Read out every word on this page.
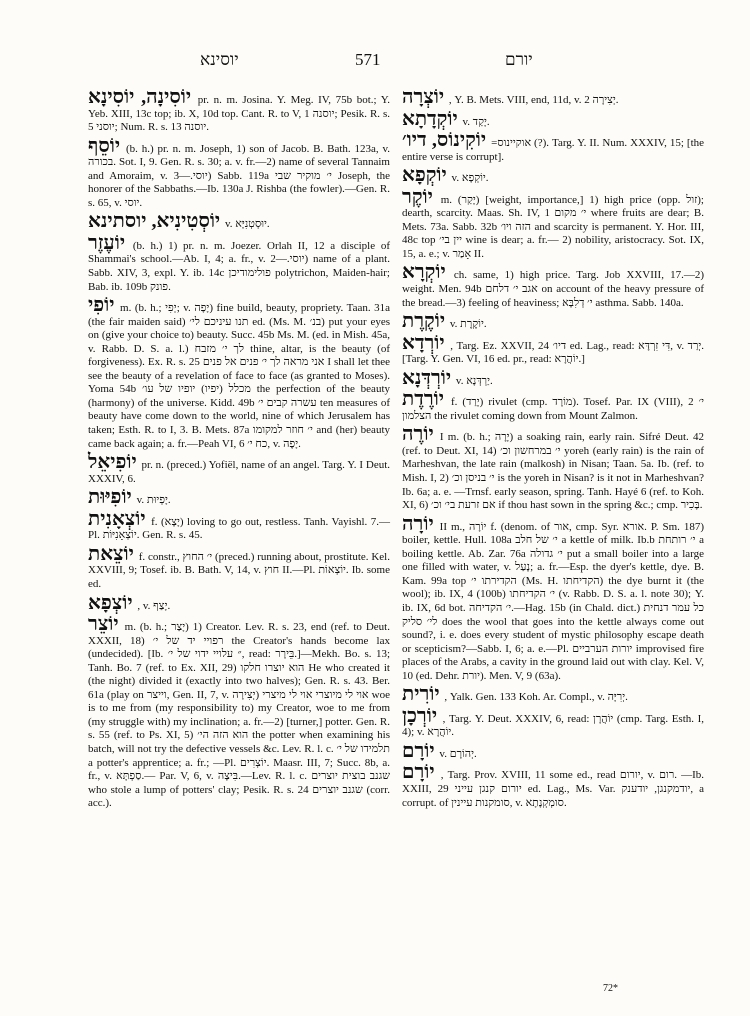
יוסינא	571	יורם
יוֹסִינָה, יוֹסִינָא pr. n. m. Josina. Y. Meg. IV, 75b bot.; Y. Yeb. XIII, 13c top; ib. X, 10d top. Cant. R. to V, 1 יוסנה; Pesik. R. s. 5 יוסני; Num. R. s. 13 יוסנה.
יוֹסֵף (b. h.) pr. n. m. Joseph, 1) son of Jacob. B. Bath. 123a, v. בכורה. Sot. I, 9. Gen. R. s. 30; a. v. fr.—2) name of several Tannaim and Amoraim, v. יוסי.—3) Sabb. 119a י׳ מוקיר שבי Joseph, the honorer of the Sabbaths.—Ib. 130a J. Rishba (the fowler).—Gen. R. s. 65, v. יוסי.
יוֹסְטִינִיא, יוסתינא v. יוּסְטְנִיָּא.
יוֹעֶזֶר (b. h.) 1) pr. n. m. Joezer. Orlah II, 12 a disciple of Shammai's school.—Ab. I, 4; a. fr., v. יוסי.—2) name of a plant. Sabb. XIV, 3, expl. Y. ib. 14c פולימודיכן polytrichon, Maiden-hair; Bab. ib. 109b פונק.
יוֹפִי m. (b. h.; יְפִי; v. יָפָה) fine build, beauty, propriety. Taan. 31a (the fair maiden said) תנו עיניכם לי׳ ed. (Ms. M. בנ׳) put your eyes on (give your choice to) beauty. Succ. 45b Ms. M. (ed. in Mish. 45a, v. Rabb. D. S. a. l.) לך י׳ מזבח thine, altar, is the beauty (of forgiveness). Ex. R. s. 25 אני מראה לך י׳ פנים אל פנים I shall let thee see the beauty of a revelation of face to face (as granted to Moses). Yoma 54b מכלל (יפיו) יופיו של עו׳ the perfection of the beauty (harmony) of the universe. Kidd. 49b עשרה קבים י׳ ten measures of beauty have come down to the world, nine of which Jerusalem has taken; Esth. R. to I, 3. B. Mets. 87a י׳ חוזר למקומו and (her) beauty came back again; a. fr.—Peah VI, 6 כח י׳, v. יָפֶה.
יוֹפִיאֵל pr. n. (preced.) Yofiël, name of an angel. Targ. Y. I Deut. XXXIV, 6.
יוֹפִיּוּת v. יָפְיוּת.
יוֹצְאָנִית f. (יָצָא) loving to go out, restless. Tanh. Vayishl. 7.—Pl. יוֹצְאָנִיּוֹת. Gen. R. s. 45.
יוֹצֵאת f. constr., י׳ החוץ (preced.) running about, prostitute. Kel. XXVIII, 9; Tosef. ib. B. Bath. V, 14, v. חוץ II.—Pl. יוֹצְאוֹת. Ib. some ed.
יוֹצְפָא , v. יָצַף.
יוֹצֵר m. (b. h.; יָצַר) 1) Creator. Lev. R. s. 23, end (ref. to Deut. XXXII, 18) רפויי יד של י׳ the Creator's hands become lax (undecided). [Ib. ״ עלויי ידוי של י׳, read: בֵּירָר.]—Mekh. Bo. s. 13; Tanh. Bo. 7 (ref. to Ex. XII, 29) הוא יוצרו חלקו He who created it (the night) divided it (exactly into two halves); Gen. R. s. 43. Ber. 61a (play on וייצר, Gen. II, 7, v. יְצִירָה) אוי לי מיוצרי אוי לי מיצרי woe is to me from (my responsibility to) my Creator, woe to me from (my struggle with) my inclination; a. fr.—2) [turner,] potter. Gen. R. s. 55 (ref. to Ps. XI, 5) הוא הזה הי׳ the potter when examining his batch, will not try the defective vessels &c. Lev. R. l. c. תלמידו של י׳ a potter's apprentice; a. fr.; —Pl. יוֹצְרִים. Maasr. III, 7; Succ. 8b, a. fr., v. סַפְתָּא.— Par. V, 6, v. בִּיצָה.—Lev. R. l. c. שגנב בוצית יוצרים who stole a lump of potters' clay; Pesik. R. s. 24 שגנב יוצרים (corr. acc.).
יוֹצְרָה , Y. B. Mets. VIII, end, 11d, v. יְצִירָה 2.
יוֹקְדָתָא v. יָקַד.
יוֹקִינוֹס, דיו׳ =אוקיינוס (?). Targ. Y. II. Num. XXXIV, 15; [the entire verse is corrupt].
יוֹקְפָא v. יוֹקְפָא.
יוֹקֶר m. (יָקַר) [weight, importance,] 1) high price (opp. זול); dearth, scarcity. Maas. Sh. IV, 1 י׳ מקום where fruits are dear; B. Mets. 73a. Sabb. 32b הזה ויו׳ and scarcity is permanent. Y. Hor. III, 48c top יין בי׳ wine is dear; a. fr.— 2) nobility, aristocracy. Sot. IX, 15, a. e.; v. אָמַר II.
יוֹקְרָא ch. same, 1) high price. Targ. Job XXVIII, 17.—2) weight. Men. 94b אגב י׳ דלחם on account of the heavy pressure of the bread.—3) feeling of heaviness; י׳ דְלִבָּא asthma. Sabb. 140a.
יוֹקֶרֶת v. יוֹקֶרֶת.
יוֹרְדָא , Targ. Ez. XXVII, 24 דיו׳ ed. Lag., read: דִּי זִרְדָּא, v. יְרַד. [Targ. Y. Gen. VI, 16 ed. pr., read: יוֹהֲרָא.]
יוֹרְדְּנָא v. יַרְדְּנָא.
יוֹרֶדֶת f. (יָרַד) rivulet (cmp. מוֹרָד). Tosef. Par. IX (VIII), 2 י׳ הצלמון the rivulet coming down from Mount Zalmon.
יוֹרֶה I m. (b. h.; יָרָה) a soaking rain, early rain. Sifré Deut. 42 (ref. to Deut. XI, 14) י׳ במרחשון וכ׳ yoreh (early rain) is the rain of Marheshvan, the late rain (malkosh) in Nisan; Taan. 5a. Ib. (ref. to Mish. I, 2) י׳ בניסן וכ׳ is the yoreh in Nisan? is it not in Marheshvan? Ib. 6a; a. e. —Trnsf. early season, spring. Tanh. Hayé 6 (ref. to Koh. XI, 6) אם זרעת בי׳ וכ׳ if thou hast sown in the spring &c.; cmp. בָּכִיר.
יוֹרָה II m., יוֹרָה f. (denom. of אור, cmp. Syr. אורא. P. Sm. 187) boiler, kettle. Hull. 108a י׳ של חלב a kettle of milk. Ib.b י׳ רותחת a boiling kettle. Ab. Zar. 76a י׳ גדולה put a small boiler into a large one filled with water, v. נָעַל; a. fr.—Esp. the dyer's kettle, dye. B. Kam. 99a top הקדירתו י׳ (Ms. H. הקדיחתו) the dye burnt it (the wool); ib. IX, 4 (100b) י׳ הקדיחתו (v. Rabb. D. S. a. l. note 30); Y. ib. IX, 6d bot. י׳ הקדיחה.—Hag. 15b (in Chald. dict.) כל עמר דנחית לי׳ סליק does the wool that goes into the kettle always come out sound?, i. e. does every student of mystic philosophy escape death or scepticism?—Sabb. I, 6; a. e.—Pl. יורות הערביים improvised fire places of the Arabs, a cavity in the ground laid out with clay. Kel. V, 10 (ed. Dehr. יורת). Men. V, 9 (63a).
יוֹרִית , Yalk. Gen. 133 Koh. Ar. Compl., v. יְרִיָּה.
יוֹרְכָן , Targ. Y. Deut. XXXIV, 6, read: יוֹהֲרָן (cmp. Targ. Esth. I, 4); v. יוֹהֲרָא.
יוֹרָם v. יְהוֹרָם.
יוֹרָם , Targ. Prov. XVIII, 11 some ed., read יורום, v. רום. —Ib. XXIII, 29 יורום קנגן עייני ed. Lag., Ms. Var. יודמקנגן, יודענק, a corrupt. of סומקנות עיינין, v. סומְקְנָתָא.
72*
